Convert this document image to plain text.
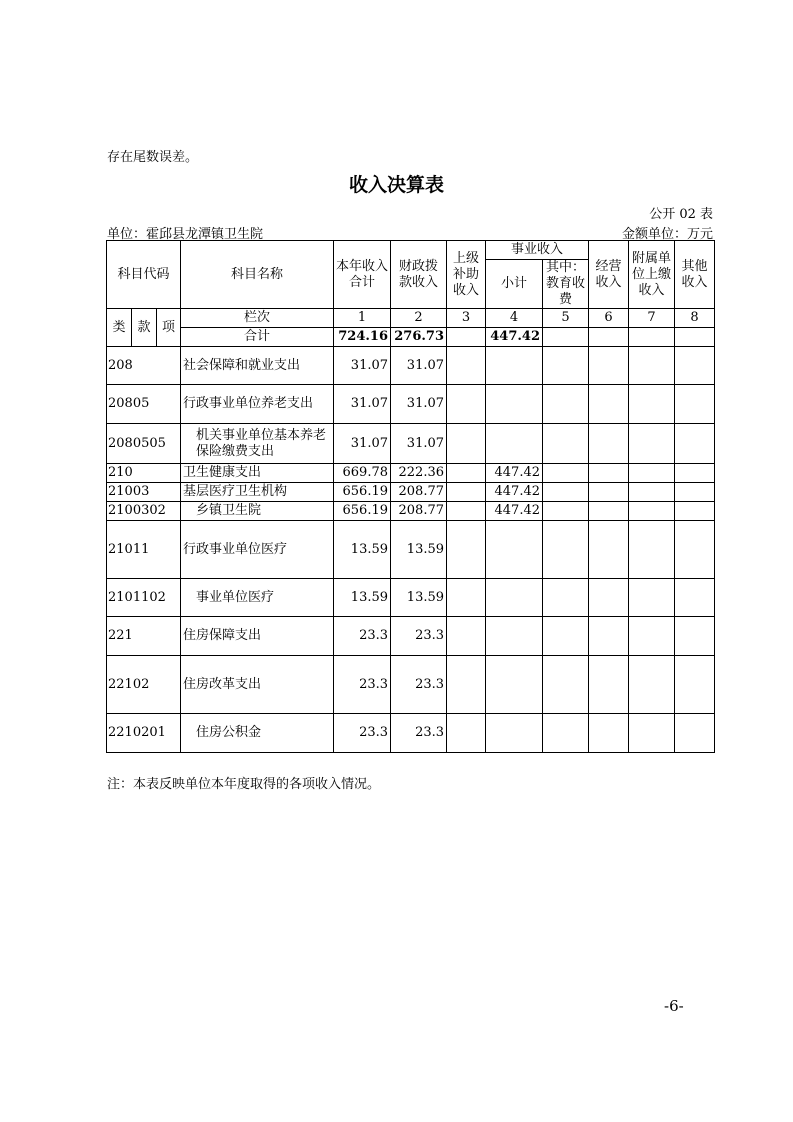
存在尾数误差。
收入决算表
公开 02 表
单位：霍邱县龙潭镇卫生院	金额单位：万元
科目代码			科目名称	本年收入合计	财政拨款收入	上级补助收入	事业收入		经营收入	附属单位上缴收入	其他收入
							小计	其中：教育收费			

类	款	项	栏次	1	2	3	4	5	6	7	8
			合计	724.16	276.73		447.42				
208			社会保障和就业支出	31.07	31.07						
20805			行政事业单位养老支出	31.07	31.07						
2080505			机关事业单位基本养老保险缴费支出	31.07	31.07						
210			卫生健康支出	669.78	222.36		447.42				
21003			基层医疗卫生机构	656.19	208.77		447.42				
2100302			乡镇卫生院	656.19	208.77		447.42				
21011			行政事业单位医疗	13.59	13.59						
2101102			事业单位医疗	13.59	13.59						
221			住房保障支出	23.3	23.3						
22102			住房改革支出	23.3	23.3						
2210201			住房公积金	23.3	23.3						
注：本表反映单位本年度取得的各项收入情况。
-6-
